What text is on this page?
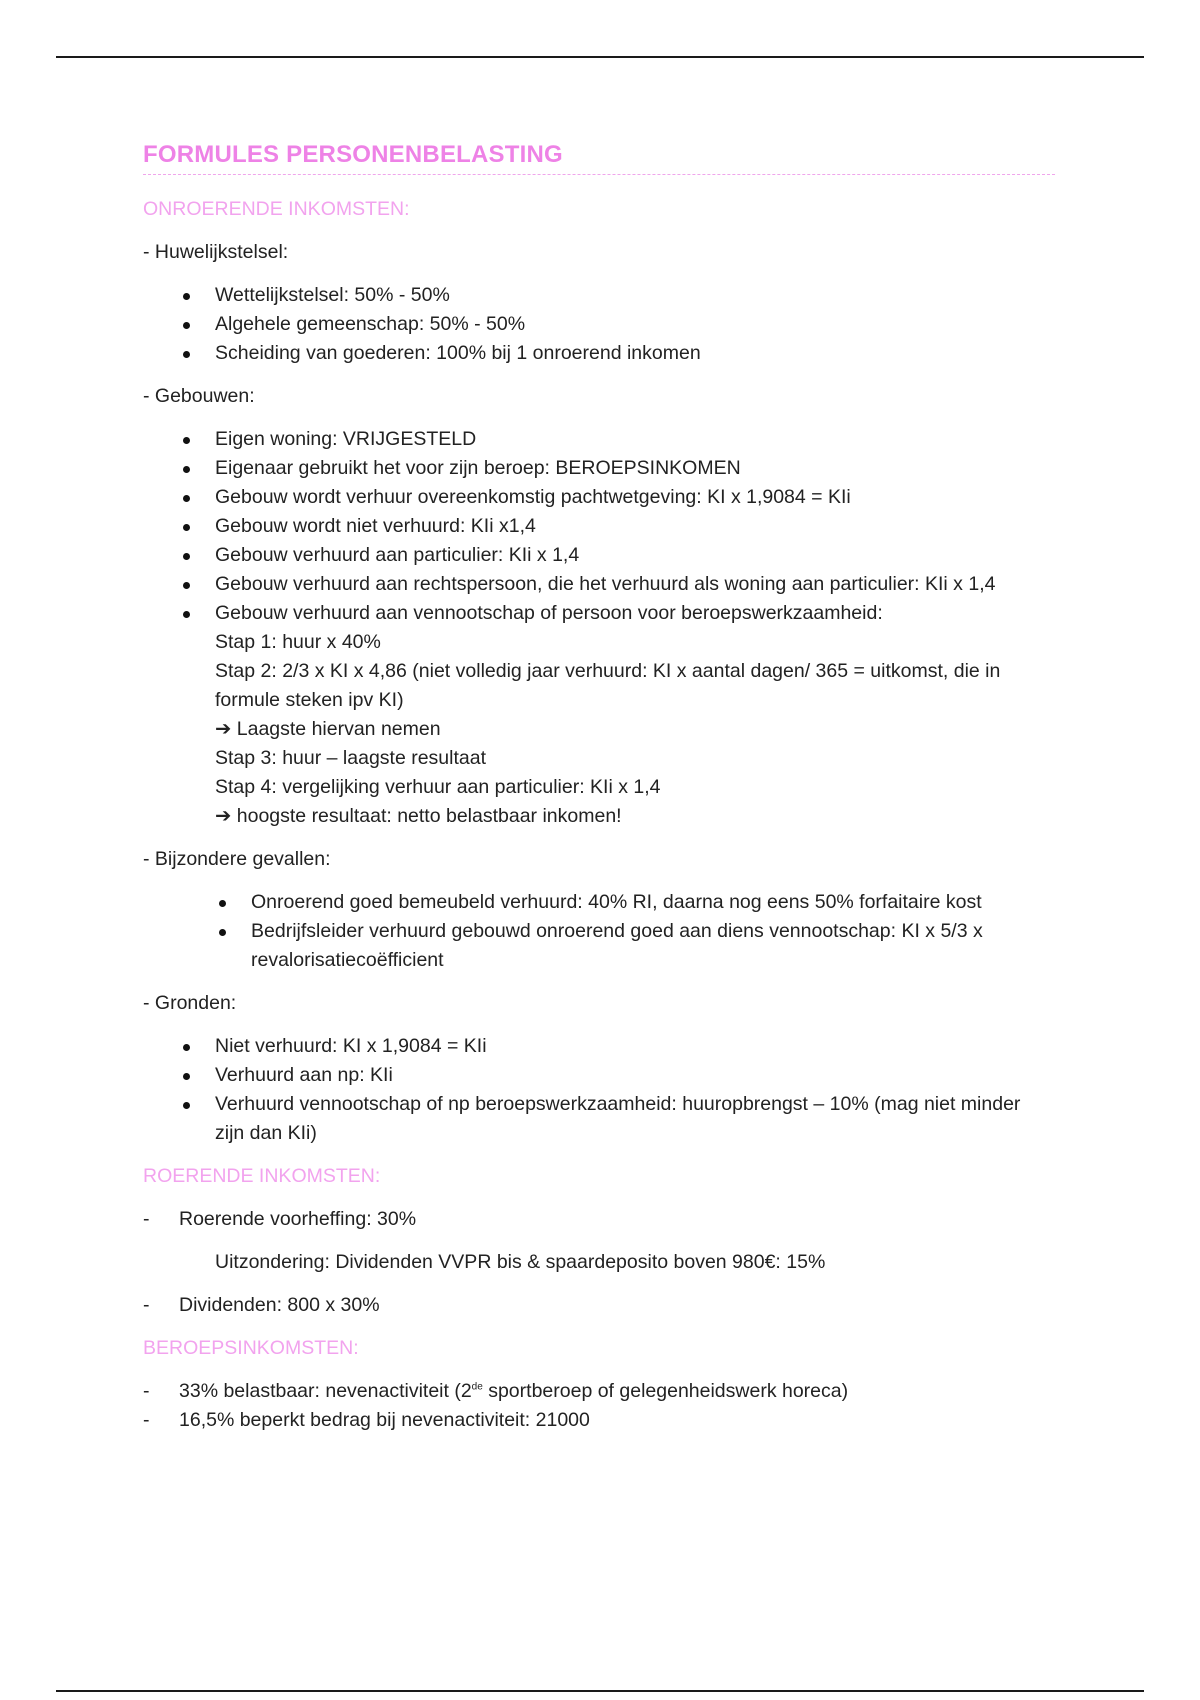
FORMULES PERSONENBELASTING
ONROERENDE INKOMSTEN:
- Huwelijkstelsel:
Wettelijkstelsel: 50% - 50%
Algehele gemeenschap: 50% - 50%
Scheiding van goederen: 100% bij 1 onroerend inkomen
- Gebouwen:
Eigen woning: VRIJGESTELD
Eigenaar gebruikt het voor zijn beroep: BEROEPSINKOMEN
Gebouw wordt verhuur overeenkomstig pachtwetgeving: KI x 1,9084 = KIi
Gebouw wordt niet verhuurd: KIi x1,4
Gebouw verhuurd aan particulier: KIi x 1,4
Gebouw verhuurd aan rechtspersoon, die het verhuurd als woning aan particulier: KIi x 1,4
Gebouw verhuurd aan vennootschap of persoon voor beroepswerkzaamheid:
Stap 1: huur x 40%
Stap 2: 2/3 x KI x 4,86 (niet volledig jaar verhuurd: KI x aantal dagen/ 365 = uitkomst, die in formule steken ipv KI)
➔ Laagste hiervan nemen
Stap 3: huur – laagste resultaat
Stap 4: vergelijking verhuur aan particulier: KIi x 1,4
➔ hoogste resultaat: netto belastbaar inkomen!
- Bijzondere gevallen:
Onroerend goed bemeubeld verhuurd: 40% RI, daarna nog eens 50% forfaitaire kost
Bedrijfsleider verhuurd gebouwd onroerend goed aan diens vennootschap: KI x 5/3 x revalorisatiecoëfficient
- Gronden:
Niet verhuurd: KI x 1,9084 = KIi
Verhuurd aan np: KIi
Verhuurd vennootschap of np beroepswerkzaamheid: huuropbrengst – 10% (mag niet minder zijn dan KIi)
ROERENDE INKOMSTEN:
- Roerende voorheffing: 30%
Uitzondering: Dividenden VVPR bis & spaardeposito boven 980€: 15%
- Dividenden: 800 x 30%
BEROEPSINKOMSTEN:
- 33% belastbaar: nevenactiviteit (2de sportberoep of gelegenheidswerk horeca)
- 16,5% beperkt bedrag bij nevenactiviteit: 21000
